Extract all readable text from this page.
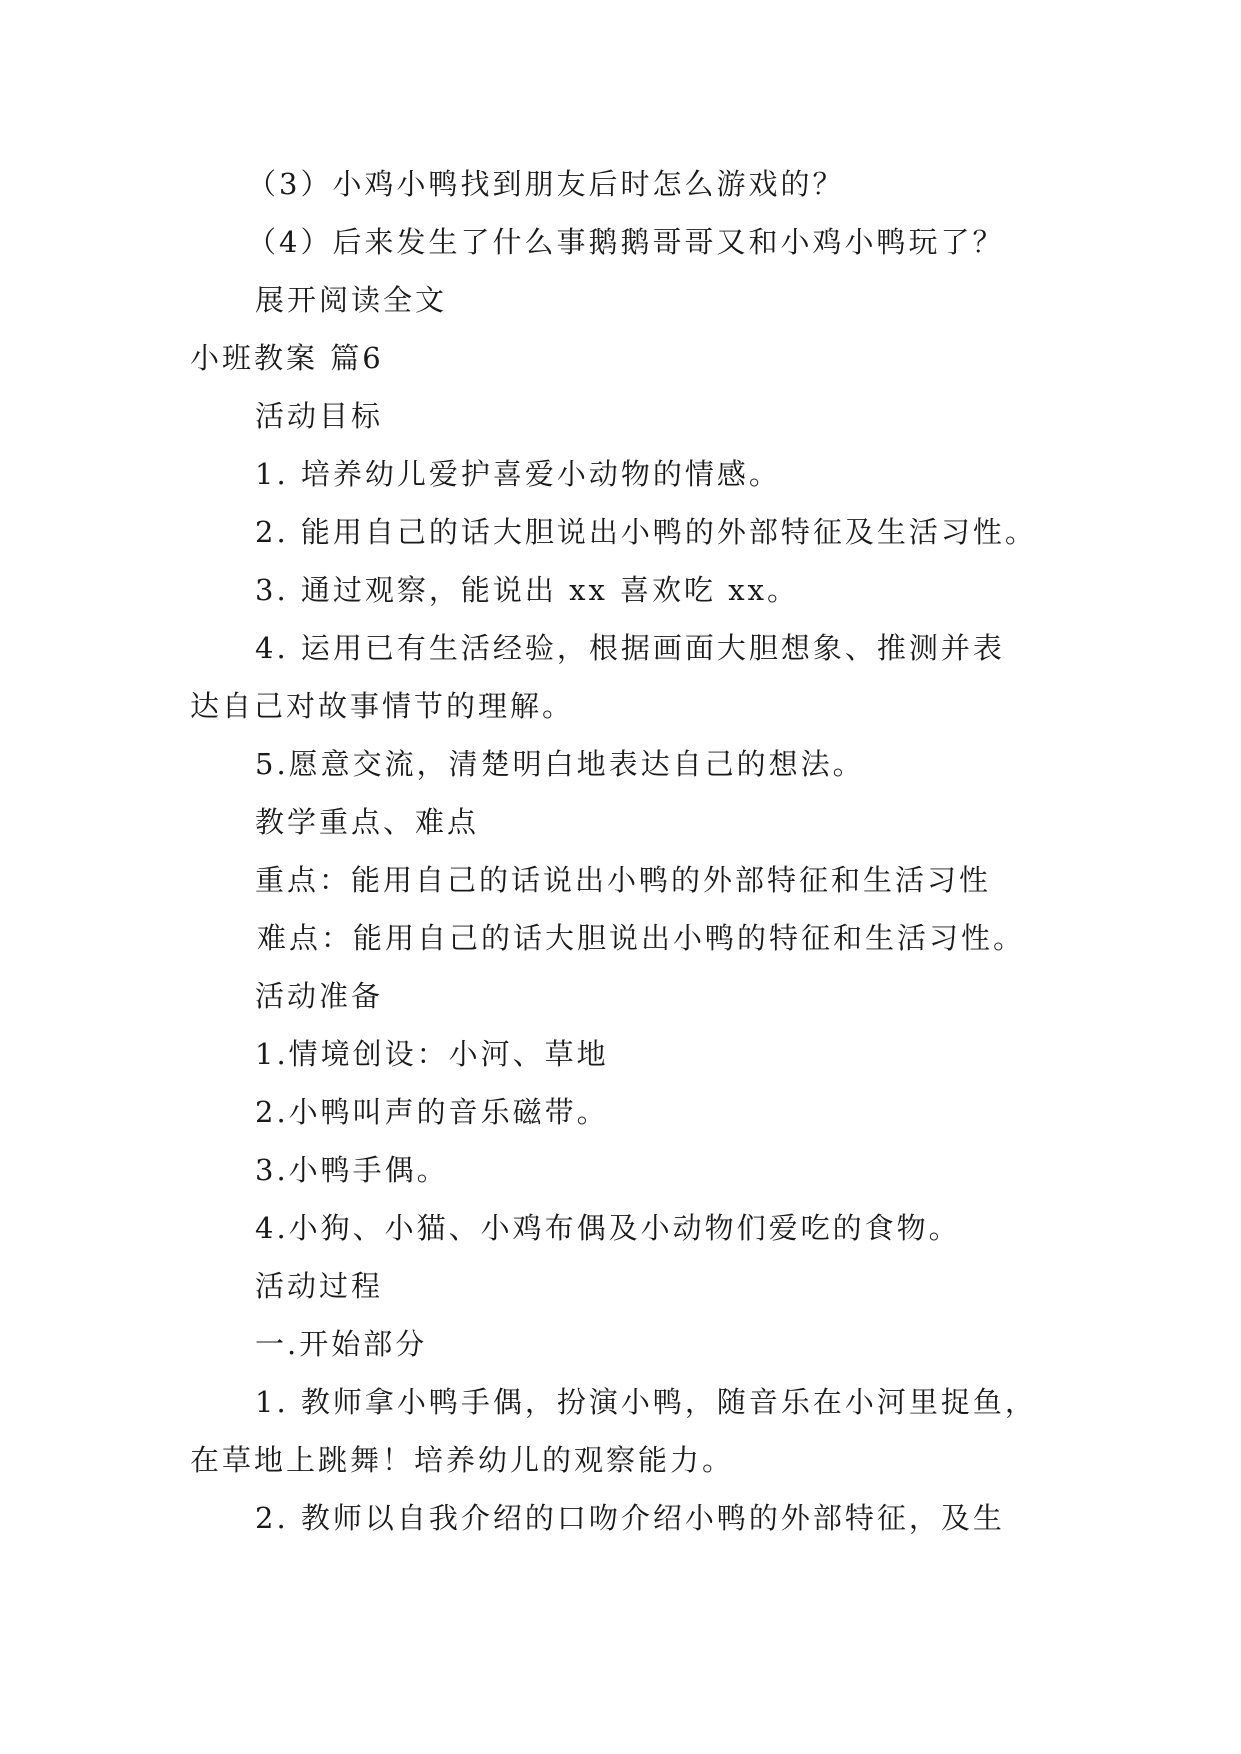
（3）小鸡小鸭找到朋友后时怎么游戏的？
（4）后来发生了什么事鹅鹅哥哥又和小鸡小鸭玩了？
展开阅读全文
小班教案 篇6
活动目标
1. 培养幼儿爱护喜爱小动物的情感。
2. 能用自己的话大胆说出小鸭的外部特征及生活习性。
3. 通过观察，能说出 xx 喜欢吃 xx。
4. 运用已有生活经验，根据画面大胆想象、推测并表
达自己对故事情节的理解。
5.愿意交流，清楚明白地表达自己的想法。
教学重点、难点
重点：能用自己的话说出小鸭的外部特征和生活习性
难点：能用自己的话大胆说出小鸭的特征和生活习性。
活动准备
1.情境创设：小河、草地
2.小鸭叫声的音乐磁带。
3.小鸭手偶。
4.小狗、小猫、小鸡布偶及小动物们爱吃的食物。
活动过程
一.开始部分
1. 教师拿小鸭手偶，扮演小鸭，随音乐在小河里捉鱼，
在草地上跳舞！培养幼儿的观察能力。
2. 教师以自我介绍的口吻介绍小鸭的外部特征，及生
